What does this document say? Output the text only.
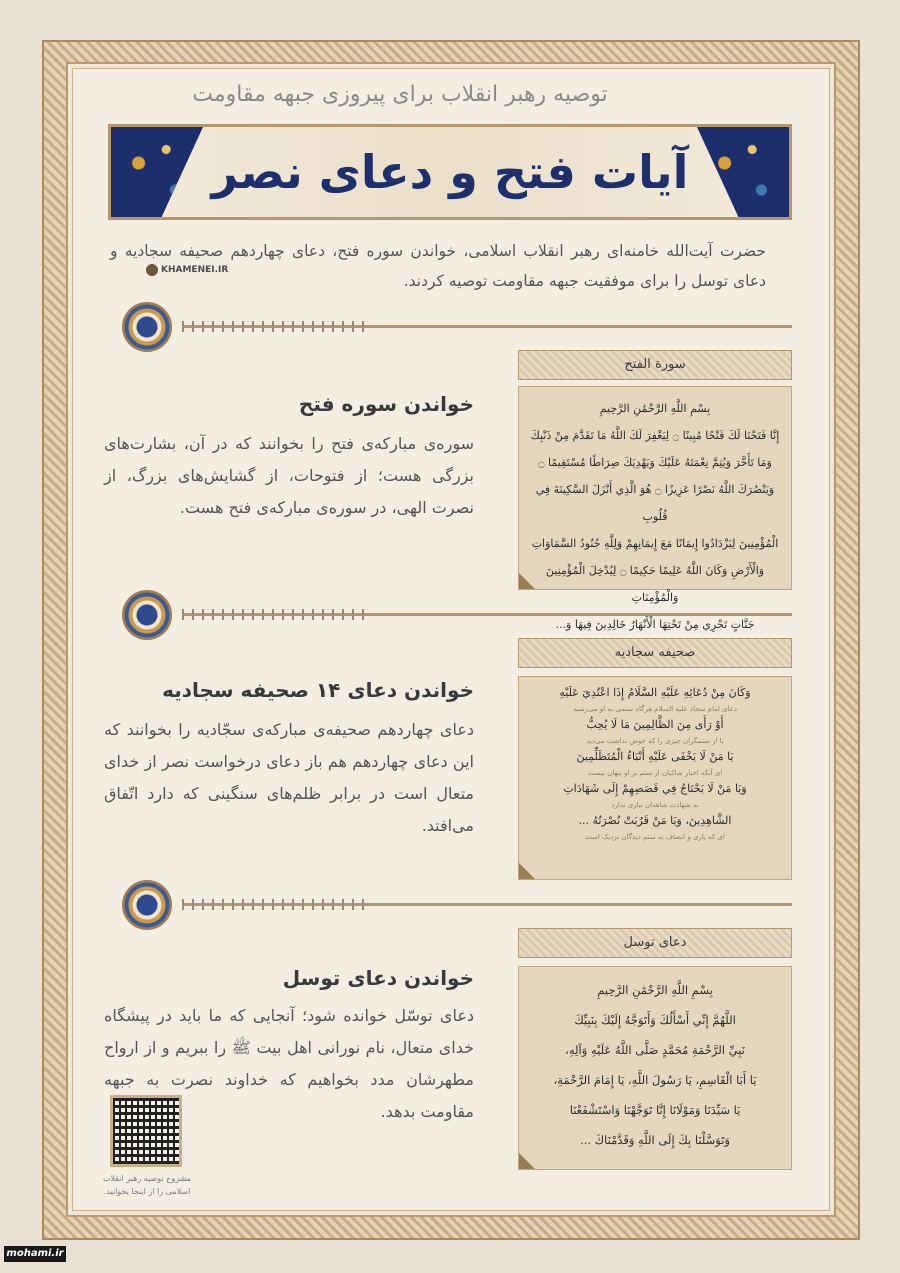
توصیه رهبر انقلاب برای پیروزی جبهه مقاومت
آیات فتح و دعای نصر
حضرت آیت‌الله خامنه‌ای رهبر انقلاب اسلامی، خواندن سوره فتح، دعای چهاردهم صحیفه سجادیه و دعای توسل را برای موفقیت جبهه مقاومت توصیه کردند.
KHAMENEI.IR
سورة الفتح
بِسْمِ اللَّهِ الرَّحْمَٰنِ الرَّحِيمِ
إِنَّا فَتَحْنَا لَكَ فَتْحًا مُبِينًا ۝ لِيَغْفِرَ لَكَ اللَّهُ مَا تَقَدَّمَ مِنْ ذَنْبِكَ
وَمَا تَأَخَّرَ وَيُتِمَّ نِعْمَتَهُ عَلَيْكَ وَيَهْدِيَكَ صِرَاطًا مُسْتَقِيمًا ۝
وَيَنْصُرَكَ اللَّهُ نَصْرًا عَزِيزًا ۝ هُوَ الَّذِي أَنْزَلَ السَّكِينَةَ فِي قُلُوبِ
الْمُؤْمِنِينَ لِيَزْدَادُوا إِيمَانًا مَعَ إِيمَانِهِمْ وَلِلَّهِ جُنُودُ السَّمَاوَاتِ
وَالْأَرْضِ وَكَانَ اللَّهُ عَلِيمًا حَكِيمًا ۝ لِيُدْخِلَ الْمُؤْمِنِينَ وَالْمُؤْمِنَاتِ
جَنَّاتٍ تَجْرِي مِنْ تَحْتِهَا الْأَنْهَارُ خَالِدِينَ فِيهَا وَ...
خواندن سوره فتح
سوره‌ی مبارکه‌ی فتح را بخوانند که در آن، بشارت‌های بزرگی هست؛ از فتوحات، از گشایش‌های بزرگ، از نصرت الهی، در سوره‌ی مبارکه‌ی فتح هست.
صحیفه سجادیه
وَكَانَ مِنْ دُعَائِهِ عَلَيْهِ السَّلَامُ إِذَا اعْتُدِيَ عَلَيْهِ
دعای امام سجاد علیه السلام هرگاه ستمی به او می‌رسید
أَوْ رَأَى مِنَ الظَّالِمِينَ مَا لَا يُحِبُّ
یا از ستمگران چیزی را که خوش نداشت می‌دید
يَا مَنْ لَا يَخْفَى عَلَيْهِ أَنْبَاءُ الْمُتَظَلِّمِينَ
ای آنکه اخبار شاکیان از ستم بر او پنهان نیست
وَيَا مَنْ لَا يَحْتَاجُ فِي قَصَصِهِمْ إِلَى شَهَادَاتِ
به شهادت شاهدان نیازی ندارد
الشَّاهِدِينَ، وَيَا مَنْ قَرُبَتْ نُصْرَتُهُ ...
ای که یاری و انصاف به ستم دیدگان نزدیک است
خواندن دعای ۱۴ صحیفه سجادیه
دعای چهاردهم صحیفه‌ی مبارکه‌ی سجّادیه را بخوانند که این دعای چهاردهم هم باز دعای درخواست نصر از خدای متعال است در برابر ظلم‌های سنگینی که دارد اتّفاق می‌افتد.
دعای توسل
بِسْمِ اللَّهِ الرَّحْمَٰنِ الرَّحِيمِ
اللَّهُمَّ إِنِّي أَسْأَلُكَ وَأَتَوَجَّهُ إِلَيْكَ بِنَبِيِّكَ
نَبِيِّ الرَّحْمَةِ مُحَمَّدٍ صَلَّى اللَّهُ عَلَيْهِ وَآلِهِ،
يَا أَبَا الْقَاسِمِ، يَا رَسُولَ اللَّهِ، يَا إِمَامَ الرَّحْمَةِ،
يَا سَيِّدَنَا وَمَوْلَانَا إِنَّا تَوَجَّهْنَا وَاسْتَشْفَعْنَا
وَتَوَسَّلْنَا بِكَ إِلَى اللَّهِ وَقَدَّمْنَاكَ ...
خواندن دعای توسل
دعای توسّل خوانده شود؛ آنجایی که ما باید در پیشگاه خدای متعال، نام نورانی اهل بیت ﷺ را ببریم و از ارواح مطهرشان مدد بخواهیم که خداوند نصرت به جبهه مقاومت بدهد.
مشروح توصیه رهبر انقلاب اسلامی را از اینجا بخوانید.
mohami.ir
